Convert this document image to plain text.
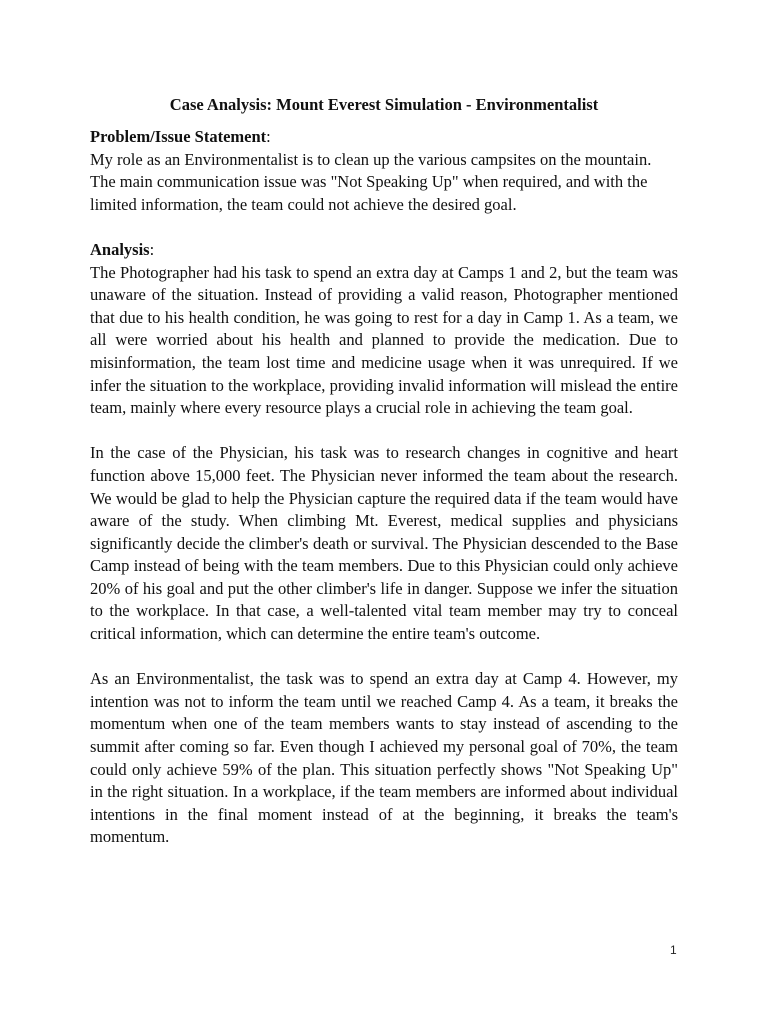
Case Analysis: Mount Everest Simulation - Environmentalist

Problem/Issue Statement:

My role as an Environmentalist is to clean up the various campsites on the mountain. The main communication issue was "Not Speaking Up" when required, and with the limited information, the team could not achieve the desired goal.

Analysis:

The Photographer had his task to spend an extra day at Camps 1 and 2, but the team was unaware of the situation. Instead of providing a valid reason, Photographer mentioned that due to his health condition, he was going to rest for a day in Camp 1. As a team, we all were worried about his health and planned to provide the medication. Due to misinformation, the team lost time and medicine usage when it was unrequired. If we infer the situation to the workplace, providing invalid information will mislead the entire team, mainly where every resource plays a crucial role in achieving the team goal.

In the case of the Physician, his task was to research changes in cognitive and heart function above 15,000 feet. The Physician never informed the team about the research. We would be glad to help the Physician capture the required data if the team would have aware of the study. When climbing Mt. Everest, medical supplies and physicians significantly decide the climber's death or survival. The Physician descended to the Base Camp instead of being with the team members. Due to this Physician could only achieve 20% of his goal and put the other climber's life in danger. Suppose we infer the situation to the workplace. In that case, a well-talented vital team member may try to conceal critical information, which can determine the entire team's outcome.

As an Environmentalist, the task was to spend an extra day at Camp 4. However, my intention was not to inform the team until we reached Camp 4. As a team, it breaks the momentum when one of the team members wants to stay instead of ascending to the summit after coming so far. Even though I achieved my personal goal of 70%, the team could only achieve 59% of the plan. This situation perfectly shows "Not Speaking Up" in the right situation. In a workplace, if the team members are informed about individual intentions in the final moment instead of at the beginning, it breaks the team's momentum.

1
